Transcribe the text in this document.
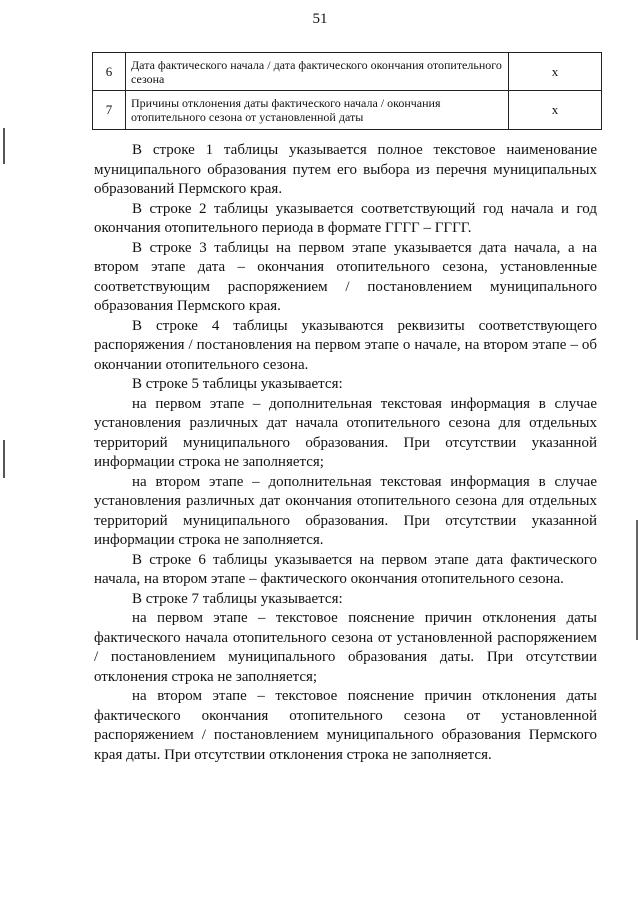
51
6	Дата фактического начала / дата фактического окончания отопительного сезона	х
7	Причины отклонения даты фактического начала / окончания отопительного сезона от установленной даты	х

В строке 1 таблицы указывается полное текстовое наименование муниципального образования путем его выбора из перечня муниципальных образований Пермского края.

В строке 2 таблицы указывается соответствующий год начала и год окончания отопительного периода в формате ГГГГ – ГГГГ.

В строке 3 таблицы на первом этапе указывается дата начала, а на втором этапе дата – окончания отопительного сезона, установленные соответствующим распоряжением / постановлением муниципального образования Пермского края.

В строке 4 таблицы указываются реквизиты соответствующего распоряжения / постановления на первом этапе о начале, на втором этапе – об окончании отопительного сезона.

В строке 5 таблицы указывается:

на первом этапе – дополнительная текстовая информация в случае установления различных дат начала отопительного сезона для отдельных территорий муниципального образования. При отсутствии указанной информации строка не заполняется;

на втором этапе – дополнительная текстовая информация в случае установления различных дат окончания отопительного сезона для отдельных территорий муниципального образования. При отсутствии указанной информации строка не заполняется.

В строке 6 таблицы указывается на первом этапе дата фактического начала, на втором этапе – фактического окончания отопительного сезона.

В строке 7 таблицы указывается:

на первом этапе – текстовое пояснение причин отклонения даты фактического начала отопительного сезона от установленной распоряжением / постановлением муниципального образования даты. При отсутствии отклонения строка не заполняется;

на втором этапе – текстовое пояснение причин отклонения даты фактического окончания отопительного сезона от установленной распоряжением / постановлением муниципального образования Пермского края даты. При отсутствии отклонения строка не заполняется.
